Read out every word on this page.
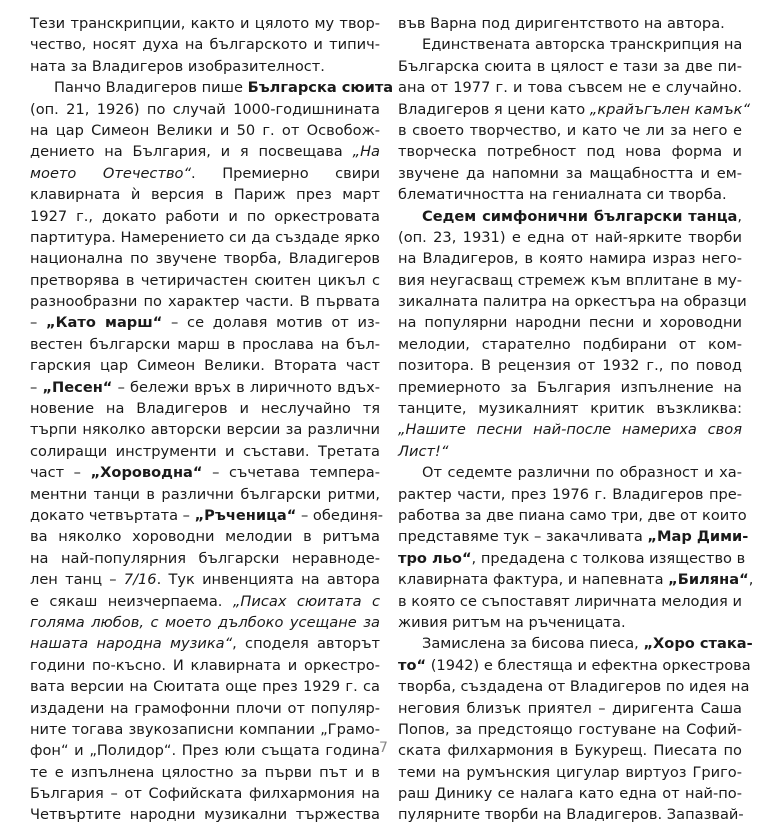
Тези транскрипции, както и цялото му твор-
чество, носят духа на българското и типич-
ната за Владигеров изобразителност.
Панчо Владигеров пише Българска сюита
(оп. 21, 1926) по случай 1000-годишнината
на цар Симеон Велики и 50 г. от Освобож-
дението на България, и я посвещава „На
моето Отечество“. Премиерно свири
клавирната ѝ версия в Париж през март
1927 г., докато работи и по оркестровата
партитура. Намерението си да създаде ярко
национална по звучене творба, Владигеров
претворява в четиричастен сюитен цикъл с
разнообразни по характер части. В първата
– „Като марш“ – се долавя мотив от из-
вестен български марш в прослава на бъл-
гарския цар Симеон Велики. Втората част
– „Песен“ – бележи връх в лиричното вдъх-
новение на Владигеров и неслучайно тя
търпи няколко авторски версии за различни
солиращи инструменти и състави. Третата
част – „Хороводна“ – съчетава темпера-
ментни танци в различни български ритми,
докато четвъртата – „Ръченица“ – обединя-
ва няколко хороводни мелодии в ритъма
на най-популярния български неравноде-
лен танц – 7/16. Тук инвенцията на автора
е сякаш неизчерпаема. „Писах сюитата с
голяма любов, с моето дълбоко усещане за
нашата народна музика“, споделя авторът
години по-късно. И клавирната и оркестро-
вата версии на Сюитата още през 1929 г. са
издадени на грамофонни плочи от популяр-
ните тогава звукозаписни компании „Грамо-
фон“ и „Полидор“. През юли същата година
те е изпълнена цялостно за първи път и в
България – от Софийската филхармония на
Четвъртите народни музикални тържества
във Варна под диригентството на автора.
Единствената авторска транскрипция на
Българска сюита в цялост е тази за две пи-
ана от 1977 г. и това съвсем не е случайно.
Владигеров я цени като „крайъгълен камък“
в своето творчество, и като че ли за него е
творческа потребност под нова форма и
звучене да напомни за мащабността и ем-
блематичността на гениалната си творба.
Седем симфонични български танца,
(оп. 23, 1931) е една от най-ярките творби
на Владигеров, в която намира израз него-
вия неугасващ стремеж към вплитане в му-
зикалната палитра на оркестъра на образци
на популярни народни песни и хороводни
мелодии, старателно подбирани от ком-
позитора. В рецензия от 1932 г., по повод
премиерното за България изпълнение на
танците, музикалният критик възкликва:
„Нашите песни най-после намериха своя
Лист!“
От седемте различни по образност и ха-
рактер части, през 1976 г. Владигеров пре-
работва за две пиана само три, две от които
представяме тук – закачливата „Мар Дими-
тро льо“, предадена с толкова изящество в
клавирната фактура, и напевната „Биляна“,
в която се съпоставят лиричната мелодия и
живия ритъм на ръченицата.
Замислена за бисова пиеса, „Хоро стака-
то“ (1942) е блестяща и ефектна оркестрова
творба, създадена от Владигеров по идея на
неговия близък приятел – диригента Саша
Попов, за предстоящо гостуване на Софий-
ската филхармония в Букурещ. Пиесата по
теми на румънския цигулар виртуоз Григо-
раш Динику се налага като една от най-по-
пулярните творби на Владигеров. Запазвай-
7
